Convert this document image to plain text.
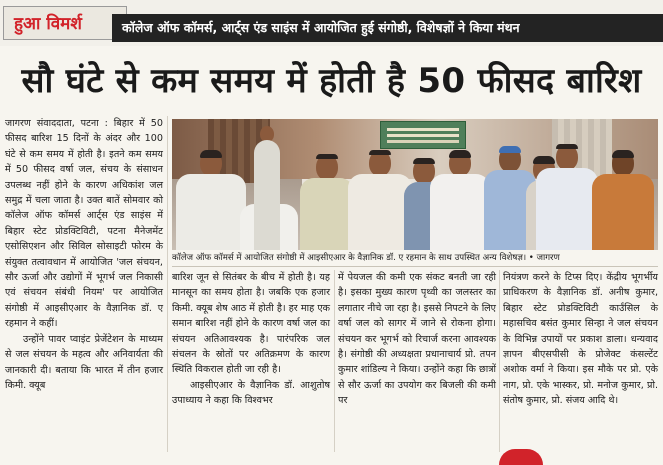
हुआ विमर्श	कॉलेज ऑफ कॉमर्स, आर्ट्स एंड साइंस में आयोजित हुई संगोष्ठी, विशेषज्ञों ने किया मंथन
सौ घंटे से कम समय में होती है 50 फीसद बारिश

जागरण संवाददाता, पटना : बिहार में 50 फीसद बारिश 15 दिनों के अंदर और 100 घंटे से कम समय में होती है। इतने कम समय में 50 फीसद वर्षा जल, संचय के संसाधन उपलब्ध नहीं होने के कारण अधिकांश जल समुद्र में चला जाता है। उक्त बातें सोमवार को कॉलेज ऑफ कॉमर्स आर्ट्स एंड साइंस में बिहार स्टेट प्रोडक्टिविटी, पटना मैनेजमेंट एसोसिएशन और सिविल सोसाइटी फोरम के संयुक्त तत्वावधान में आयोजित 'जल संचयन, सौर ऊर्जा और उद्योगों में भूगर्भ जल निकासी एवं संचयन संबंधी नियम' पर आयोजित संगोष्ठी में आइसीएआर के वैज्ञानिक डॉ. ए रहमान ने कहीं।

उन्होंने पावर प्वाइंट प्रेजेंटेशन के माध्यम से जल संचयन के महत्व और अनिवार्यता की जानकारी दी। बताया कि भारत में तीन हजार किमी. क्यूब

कॉलेज ऑफ कॉमर्स में आयोजित संगोष्ठी में आइसीएआर के वैज्ञानिक डॉ. ए रहमान के साथ उपस्थित अन्य विशेषज्ञ। • जागरण

बारिश जून से सितंबर के बीच में होती है। यह मानसून का समय होता है। जबकि एक हजार किमी. क्यूब शेष आठ में होती है। हर माह एक समान बारिश नहीं होने के कारण वर्षा जल का संचयन अतिआवश्यक है। पारंपरिक जल संचलन के स्रोतों पर अतिक्रमण के कारण स्थिति विकराल होती जा रही है।

आइसीएआर के वैज्ञानिक डॉ. आशुतोष उपाध्याय ने कहा कि विश्वभर

में पेयजल की कमी एक संकट बनती जा रही है। इसका मुख्य कारण पृथ्वी का जलस्तर का लगातार नीचे जा रहा है। इससे निपटने के लिए वर्षा जल को सागर में जाने से रोकना होगा। संचयन कर भूगर्भ को रिचार्ज करना आवश्यक है। संगोष्ठी की अध्यक्षता प्रधानाचार्य प्रो. तपन कुमार शांडिल्य ने किया। उन्होंने कहा कि छात्रों से सौर ऊर्जा का उपयोग कर बिजली की कमी पर

नियंत्रण करने के टिप्स दिए। केंद्रीय भूगर्भीय प्राधिकरण के वैज्ञानिक डॉ. अनीष कुमार, बिहार स्टेट प्रोडक्टिविटी कार्उंसिल के महासचिव बसंत कुमार सिन्हा ने जल संचयन के विभिन्न उपायों पर प्रकाश डाला। धन्यवाद ज्ञापन बीएसपीसी के प्रोजेक्ट कंसल्टेंट अशोक वर्मा ने किया। इस मौके पर प्रो. एके नाग, प्रो. एके भास्कर, प्रो. मनोज कुमार, प्रो. संतोष कुमार, प्रो. संजय आदि थे।
